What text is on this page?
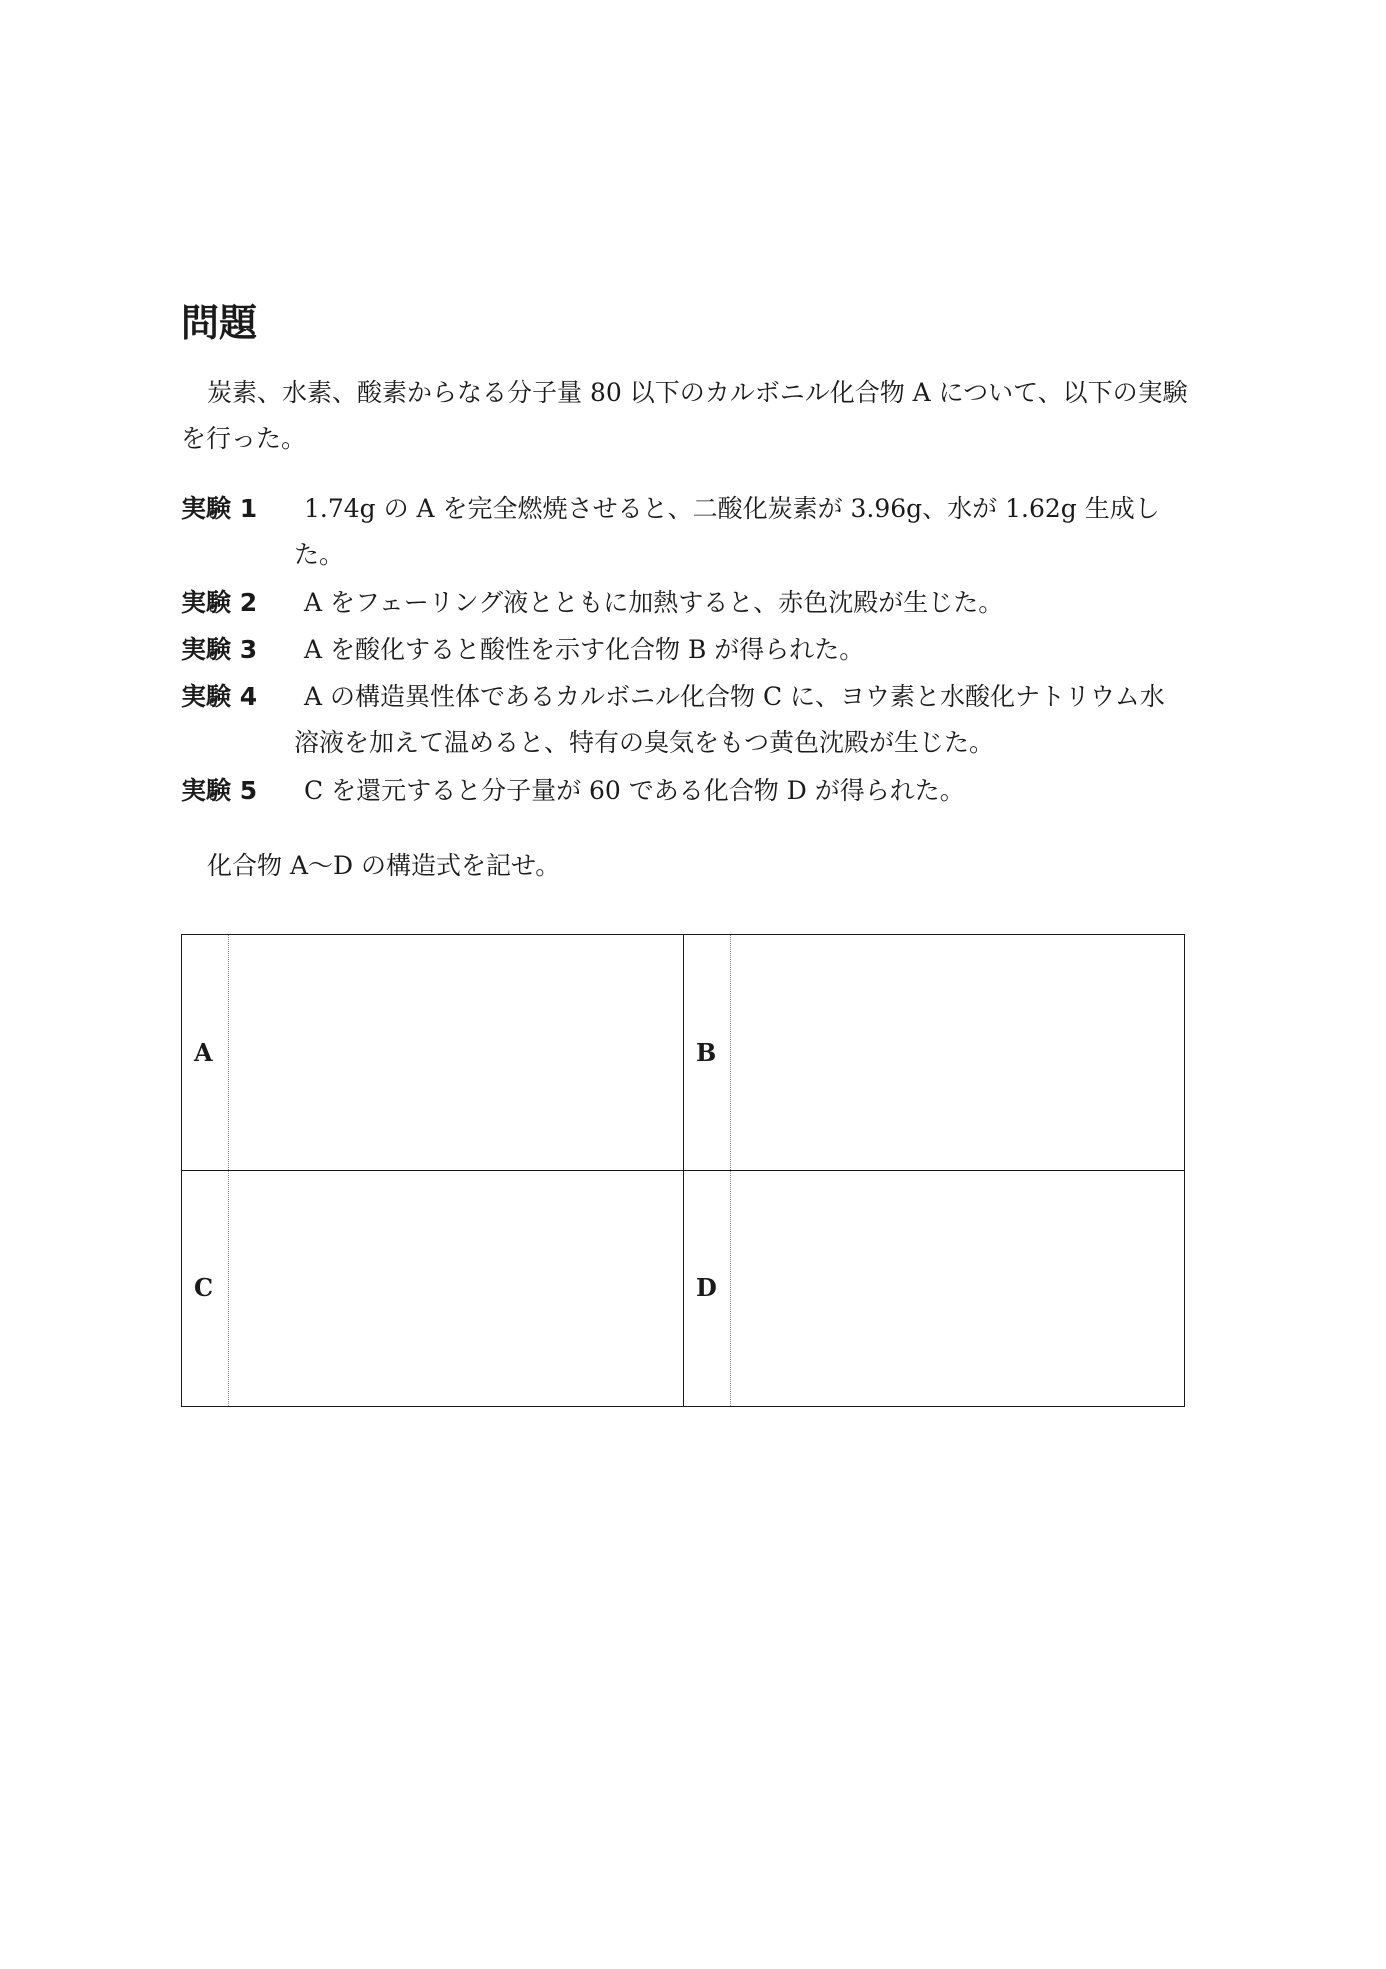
問題

炭素、水素、酸素からなる分子量 80 以下のカルボニル化合物 A について、以下の実験を行った。

実験 1	1.74g の A を完全燃焼させると、二酸化炭素が 3.96g、水が 1.62g 生成した。
実験 2	A をフェーリング液とともに加熱すると、赤色沈殿が生じた。
実験 3	A を酸化すると酸性を示す化合物 B が得られた。
実験 4	A の構造異性体であるカルボニル化合物 C に、ヨウ素と水酸化ナトリウム水溶液を加えて温めると、特有の臭気をもつ黄色沈殿が生じた。
実験 5	C を還元すると分子量が 60 である化合物 D が得られた。

化合物 A〜D の構造式を記せ。

A	B
C	D
